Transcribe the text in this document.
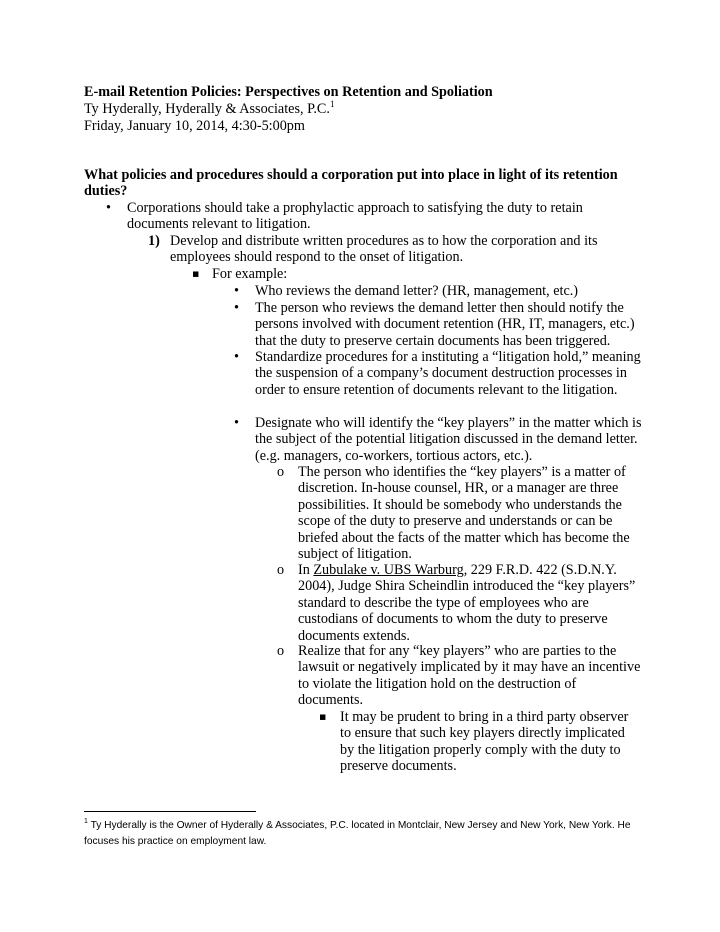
E-mail Retention Policies: Perspectives on Retention and Spoliation
Ty Hyderally, Hyderally & Associates, P.C.$^1$
Friday, January 10, 2014, 4:30-5:00pm
What policies and procedures should a corporation put into place in light of its retention duties?
• Corporations should take a prophylactic approach to satisfying the duty to retain documents relevant to litigation.
1) Develop and distribute written procedures as to how the corporation and its employees should respond to the onset of litigation.
▪ For example:
• Who reviews the demand letter? (HR, management, etc.)
• The person who reviews the demand letter then should notify the persons involved with document retention (HR, IT, managers, etc.) that the duty to preserve certain documents has been triggered.
• Standardize procedures for a instituting a “litigation hold,” meaning the suspension of a company’s document destruction processes in order to ensure retention of documents relevant to the litigation.
• Designate who will identify the “key players” in the matter which is the subject of the potential litigation discussed in the demand letter. (e.g. managers, co-workers, tortious actors, etc.).
o The person who identifies the “key players” is a matter of discretion. In-house counsel, HR, or a manager are three possibilities. It should be somebody who understands the scope of the duty to preserve and understands or can be briefed about the facts of the matter which has become the subject of litigation.
o In Zubulake v. UBS Warburg, 229 F.R.D. 422 (S.D.N.Y. 2004), Judge Shira Scheindlin introduced the “key players” standard to describe the type of employees who are custodians of documents to whom the duty to preserve documents extends.
o Realize that for any “key players” who are parties to the lawsuit or negatively implicated by it may have an incentive to violate the litigation hold on the destruction of documents.
▪ It may be prudent to bring in a third party observer to ensure that such key players directly implicated by the litigation properly comply with the duty to preserve documents.
$^1$ Ty Hyderally is the Owner of Hyderally & Associates, P.C. located in Montclair, New Jersey and New York, New York. He focuses his practice on employment law.
